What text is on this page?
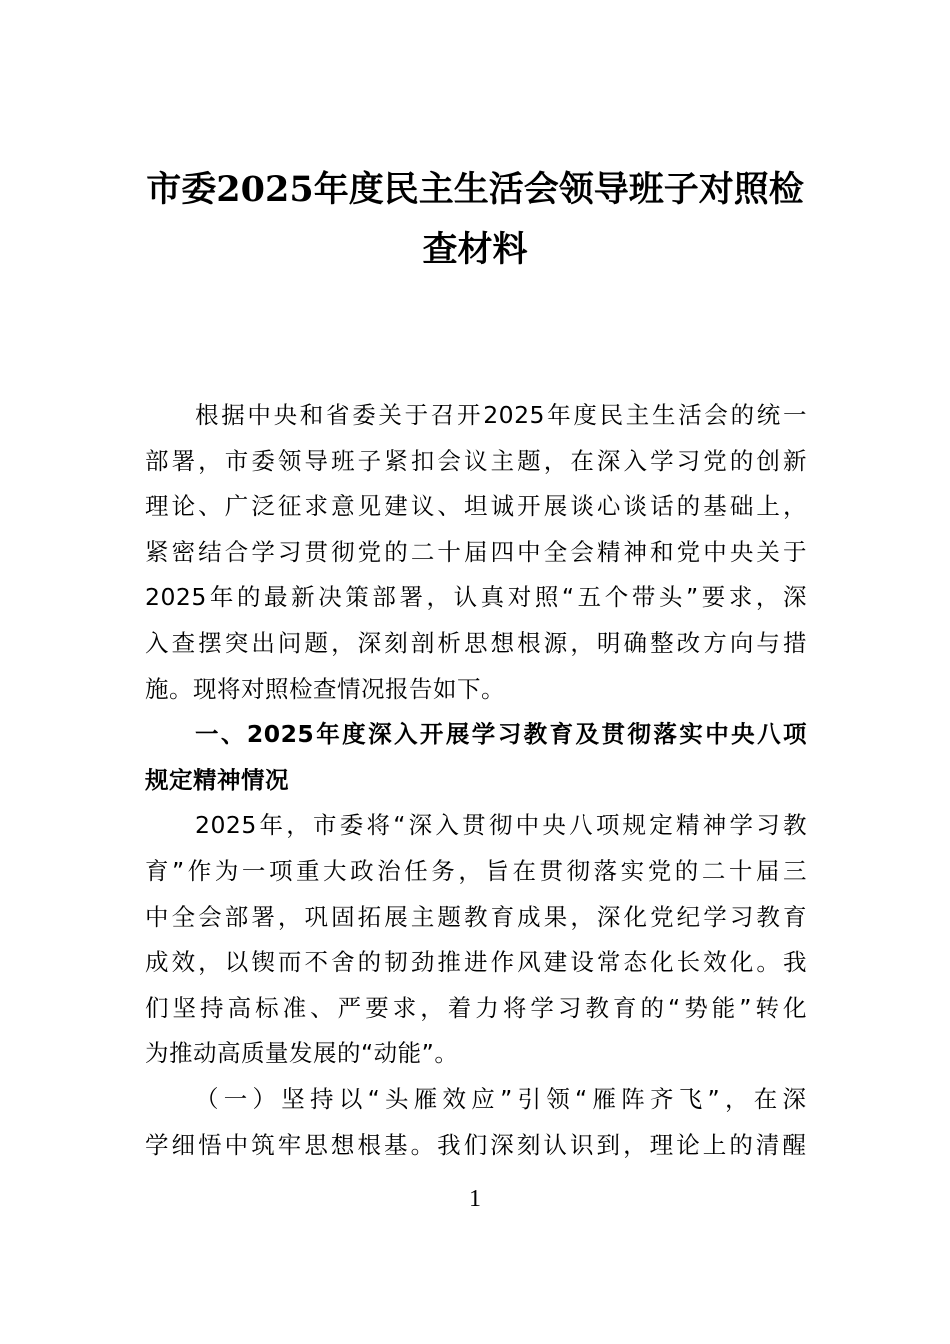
市委2025年度民主生活会领导班子对照检
查材料
根据中央和省委关于召开2025年度民主生活会的统一
部署，市委领导班子紧扣会议主题，在深入学习党的创新
理论、广泛征求意见建议、坦诚开展谈心谈话的基础上，
紧密结合学习贯彻党的二十届四中全会精神和党中央关于
2025年的最新决策部署，认真对照“五个带头”要求，深
入查摆突出问题，深刻剖析思想根源，明确整改方向与措
施。现将对照检查情况报告如下。
一、2025年度深入开展学习教育及贯彻落实中央八项
规定精神情况
2025年，市委将“深入贯彻中央八项规定精神学习教
育”作为一项重大政治任务，旨在贯彻落实党的二十届三
中全会部署，巩固拓展主题教育成果，深化党纪学习教育
成效，以锲而不舍的韧劲推进作风建设常态化长效化。我
们坚持高标准、严要求，着力将学习教育的“势能”转化
为推动高质量发展的“动能”。
（一）坚持以“头雁效应”引领“雁阵齐飞”，在深
学细悟中筑牢思想根基。我们深刻认识到，理论上的清醒
1
